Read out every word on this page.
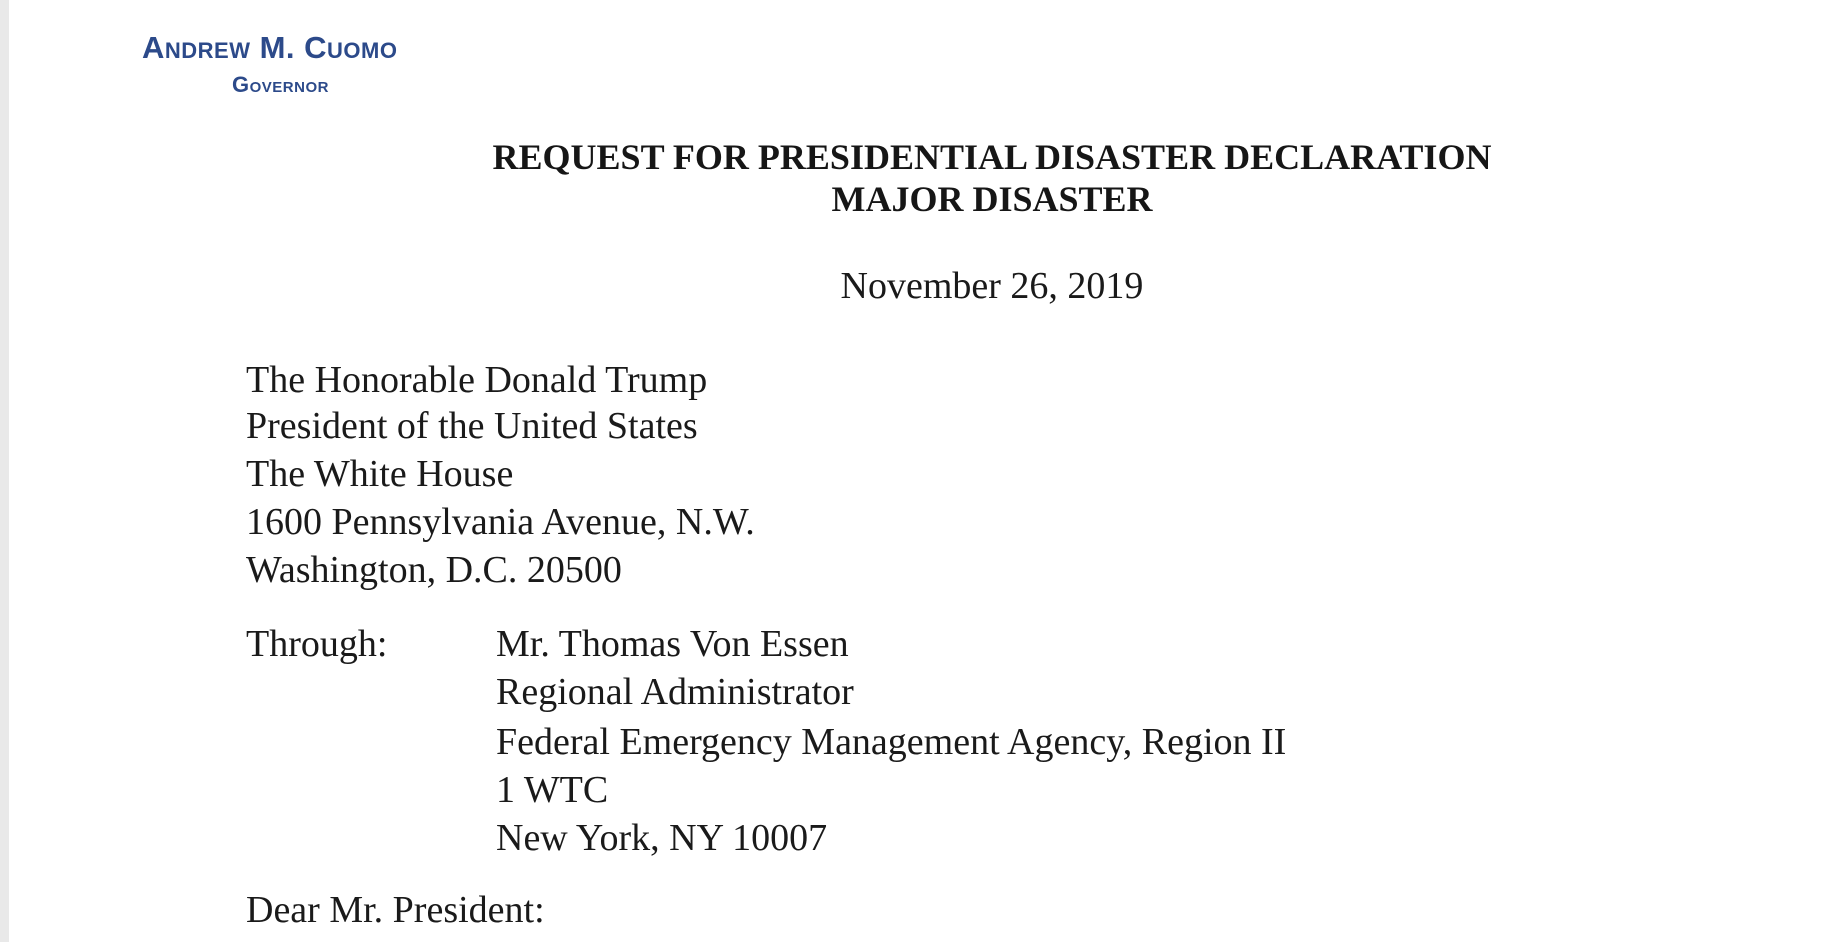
Andrew M. Cuomo
Governor
REQUEST FOR PRESIDENTIAL DISASTER DECLARATION
MAJOR DISASTER
November 26, 2019
The Honorable Donald Trump
President of the United States
The White House
1600 Pennsylvania Avenue, N.W.
Washington, D.C. 20500
Through:	Mr. Thomas Von Essen
Regional Administrator
Federal Emergency Management Agency, Region II
1 WTC
New York, NY 10007
Dear Mr. President:
